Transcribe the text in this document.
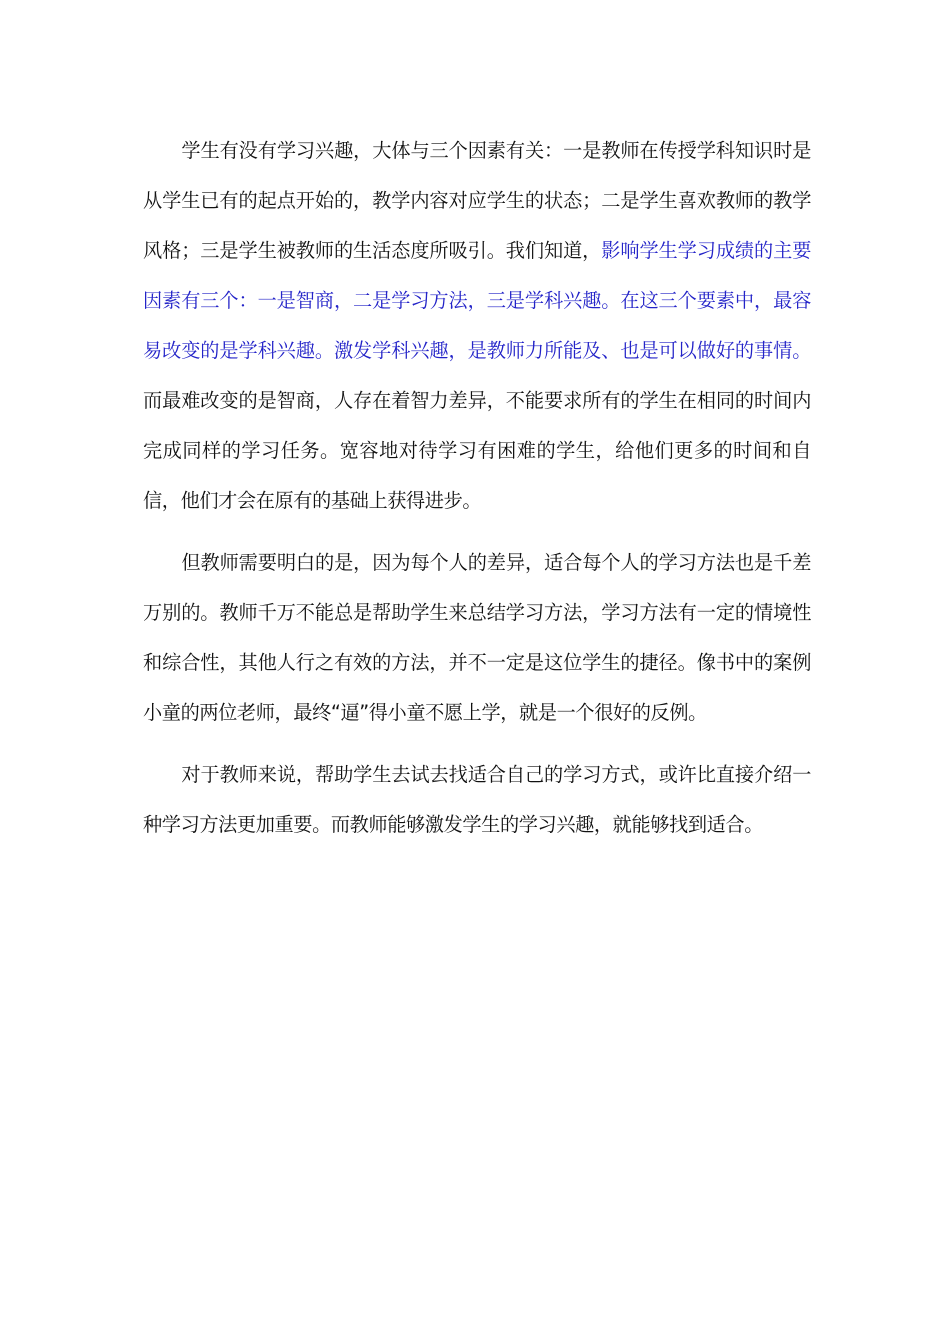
学生有没有学习兴趣，大体与三个因素有关：一是教师在传授学科知识时是从学生已有的起点开始的，教学内容对应学生的状态；二是学生喜欢教师的教学风格；三是学生被教师的生活态度所吸引。我们知道，影响学生学习成绩的主要因素有三个：一是智商，二是学习方法，三是学科兴趣。在这三个要素中，最容易改变的是学科兴趣。激发学科兴趣，是教师力所能及、也是可以做好的事情。而最难改变的是智商，人存在着智力差异，不能要求所有的学生在相同的时间内完成同样的学习任务。宽容地对待学习有困难的学生，给他们更多的时间和自信，他们才会在原有的基础上获得进步。

但教师需要明白的是，因为每个人的差异，适合每个人的学习方法也是千差万别的。教师千万不能总是帮助学生来总结学习方法，学习方法有一定的情境性和综合性，其他人行之有效的方法，并不一定是这位学生的捷径。像书中的案例小童的两位老师，最终“逼”得小童不愿上学，就是一个很好的反例。

对于教师来说，帮助学生去试去找适合自己的学习方式，或许比直接介绍一种学习方法更加重要。而教师能够激发学生的学习兴趣，就能够找到适合。
